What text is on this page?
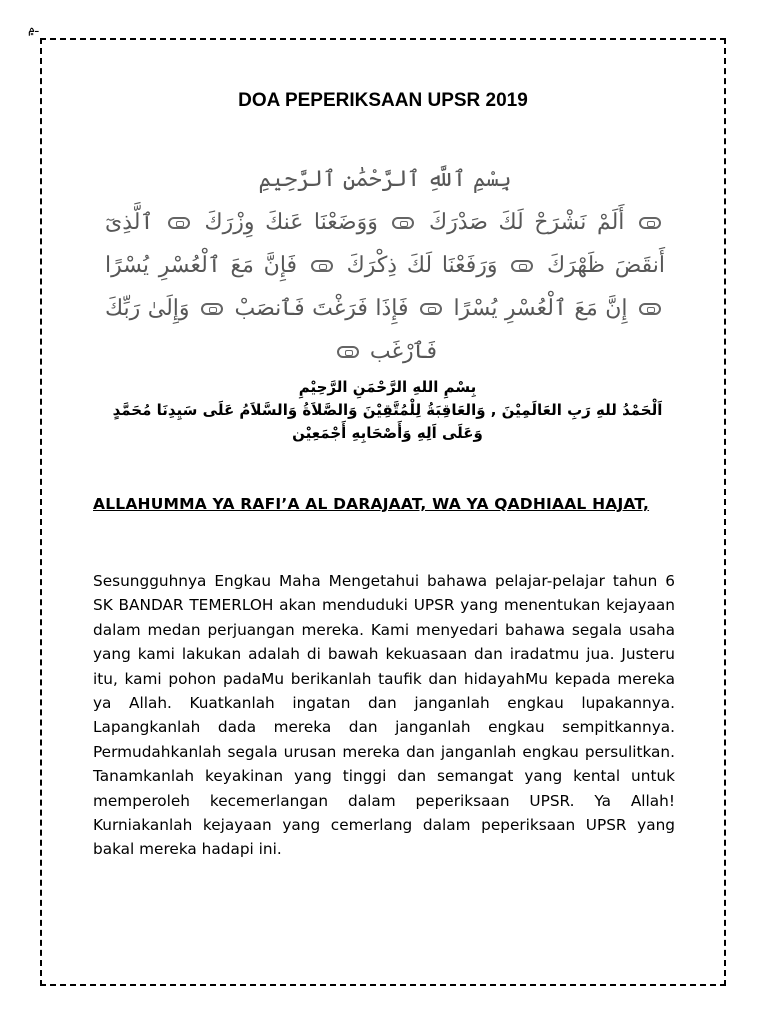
ـ۾
DOA PEPERIKSAAN UPSR 2019
بِسْمِ ٱللَّهِ ٱلرَّحْمَٰنِ ٱلرَّحِيمِ
أَلَمْ نَشْرَحْ لَكَ صَدْرَكَ  وَوَضَعْنَا عَنكَ وِزْرَكَ  ٱلَّذِىٓ أَنقَضَ ظَهْرَكَ  وَرَفَعْنَا لَكَ ذِكْرَكَ  فَإِنَّ مَعَ ٱلْعُسْرِ يُسْرًا  إِنَّ مَعَ ٱلْعُسْرِ يُسْرًا  فَإِذَا فَرَغْتَ فَٱنصَبْ  وَإِلَىٰ رَبِّكَ فَٱرْغَب
بِسْمِ اللهِ الرَّحْمَنِ الرَّحِيْمِ
اَلْحَمْدُ للهِ رَبِ العَالَمِيْنَ , وَالعَاقِبَةُ لِلْمُتَّقِيْنَ وَالصَّلاَةُ وَالسَّلاَمُ عَلَى سَيِدِنَا مُحَمَّدٍ
وَعَلَى اَلِهِ وَأَصْحَابِهِ أَجْمَعِيْن
ALLAHUMMA YA RAFI’A AL DARAJAAT, WA YA QADHIAAL HAJAT,
Sesungguhnya Engkau Maha Mengetahui bahawa pelajar-pelajar tahun 6 SK BANDAR TEMERLOH akan menduduki UPSR yang menentukan kejayaan dalam medan perjuangan mereka. Kami menyedari bahawa segala usaha yang kami lakukan adalah di bawah kekuasaan dan iradatmu jua. Justeru itu, kami pohon padaMu berikanlah taufik dan hidayahMu kepada mereka ya Allah. Kuatkanlah ingatan dan janganlah engkau lupakannya. Lapangkanlah dada mereka dan janganlah engkau sempitkannya. Permudahkanlah segala urusan mereka dan janganlah engkau persulitkan. Tanamkanlah keyakinan yang tinggi dan semangat yang kental untuk memperoleh kecemerlangan dalam peperiksaan UPSR. Ya Allah! Kurniakanlah kejayaan yang cemerlang dalam peperiksaan UPSR yang bakal mereka hadapi ini.
